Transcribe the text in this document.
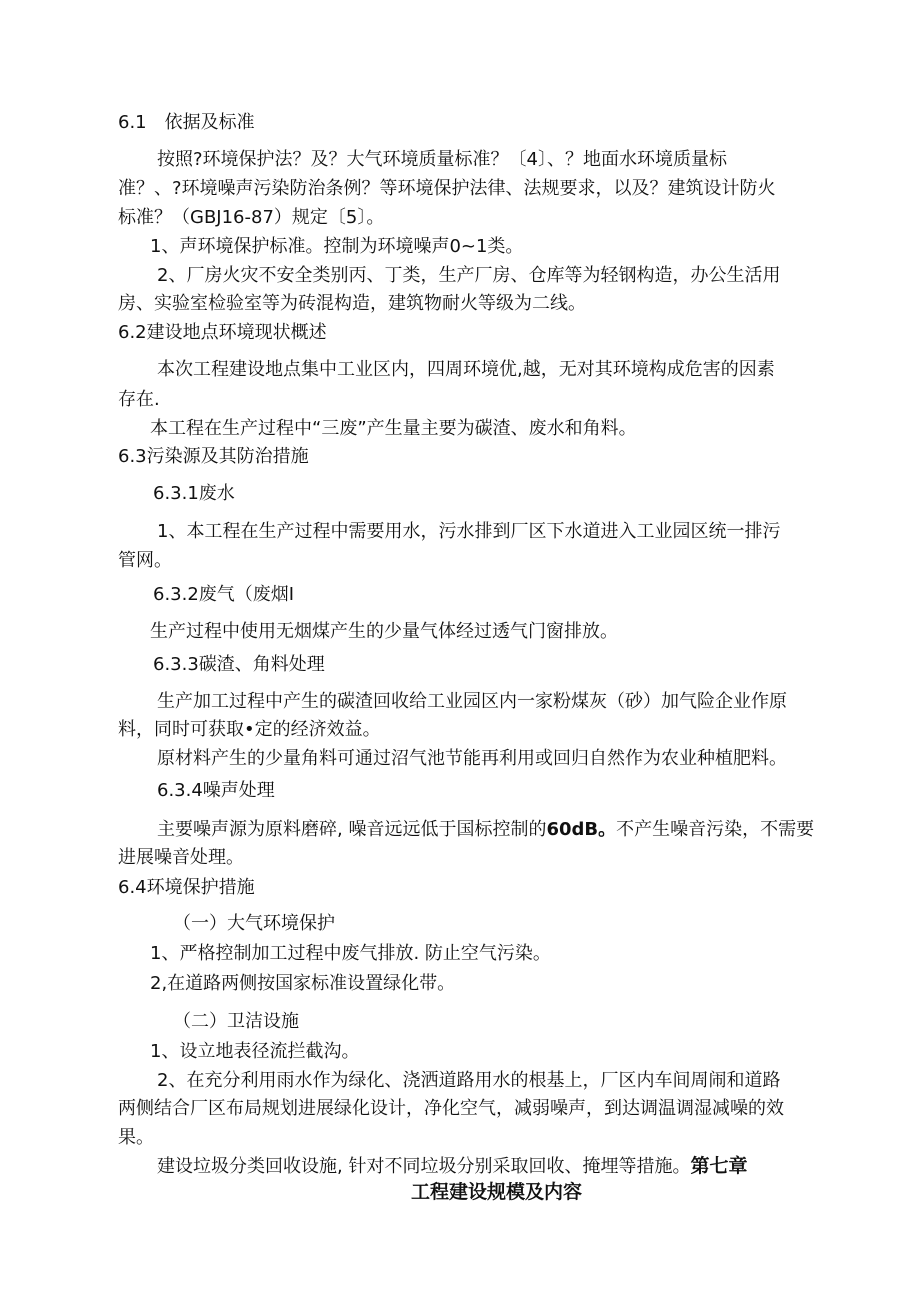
6.1　依据及标准
按照?环境保护法？及？大气环境质量标准？〔4〕、？地面水环境质量标
准？、?环境噪声污染防治条例？等环境保护法律、法规要求，以及？建筑设计防火
标准？（GBJ16-87）规定〔5〕。
1、声环境保护标准。控制为环境噪声0~1类。
2、厂房火灾不安全类别丙、丁类，生产厂房、仓库等为轻钢构造，办公生活用
房、实验室检验室等为砖混构造，建筑物耐火等级为二线。
6.2建设地点环境现状概述
本次工程建设地点集中工业区内，四周环境优,越，无对其环境构成危害的因素
存在.
本工程在生产过程中“三废”产生量主要为碳渣、废水和角料。
6.3污染源及其防治措施
6.3.1废水
1、本工程在生产过程中需要用水，污水排到厂区下水道进入工业园区统一排污
管网。
6.3.2废气（废烟I
生产过程中使用无烟煤产生的少量气体经过透气门窗排放。
6.3.3碳渣、角料处理
生产加工过程中产生的碳渣回收给工业园区内一家粉煤灰（砂）加气险企业作原
料，同时可获取•定的经济效益。
原材料产生的少量角料可通过沼气池节能再利用或回归自然作为农业种植肥料。
6.3.4噪声处理
主要噪声源为原料磨碎, 噪音远远低于国标控制的60dB。不产生噪音污染，不需要
进展噪音处理。
6.4环境保护措施
（一）大气环境保护
1、严格控制加工过程中废气排放. 防止空气污染。
2,在道路两侧按国家标准设置绿化带。
（二）卫洁设施
1、设立地表径流拦截沟。
2、在充分利用雨水作为绿化、浇洒道路用水的根基上，厂区内车间周闹和道路
两侧结合厂区布局规划进展绿化设计，净化空气，减弱噪声，到达调温调湿减噪的效
果。
建设垃圾分类回收设施, 针对不同垃圾分别采取回收、掩埋等措施。第七章
工程建设规模及内容
